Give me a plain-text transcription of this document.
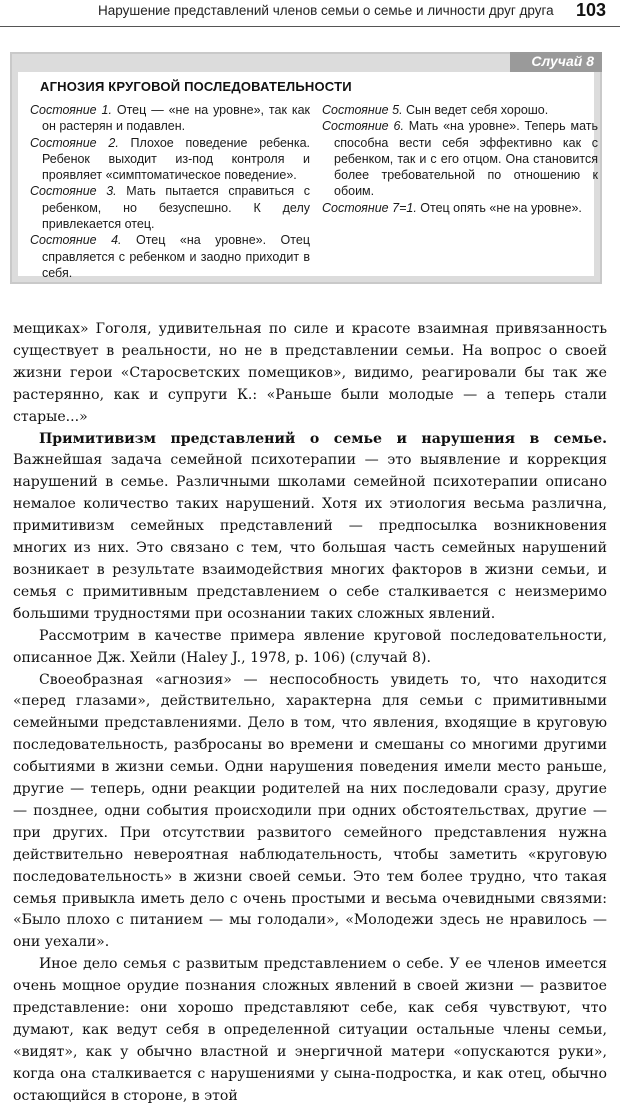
Нарушение представлений членов семьи о семье и личности друг друга 103
Случай 8
АГНОЗИЯ КРУГОВОЙ ПОСЛЕДОВАТЕЛЬНОСТИ

Состояние 1. Отец — «не на уровне», так как он растерян и подавлен.

Состояние 2. Плохое поведение ребенка. Ребенок выходит из-под контроля и проявляет «симптоматическое поведение».

Состояние 3. Мать пытается справиться с ребенком, но безуспешно. К делу привлекается отец.

Состояние 4. Отец «на уровне». Отец справляется с ребенком и заодно приходит в себя.

Состояние 5. Сын ведет себя хорошо.

Состояние 6. Мать «на уровне». Теперь мать способна вести себя эффективно как с ребенком, так и с его отцом. Она становится более требовательной по отношению к обоим.

Состояние 7=1. Отец опять «не на уровне».

мещиках» Гоголя, удивительная по силе и красоте взаимная привязанность существует в реальности, но не в представлении семьи. На вопрос о своей жизни герои «Старосветских помещиков», видимо, реагировали бы так же растерянно, как и супруги К.: «Раньше были молодые — а теперь стали старые...»

Примитивизм представлений о семье и нарушения в семье. Важнейшая задача семейной психотерапии — это выявление и коррекция нарушений в семье. Различными школами семейной психотерапии описано немалое количество таких нарушений. Хотя их этиология весьма различна, примитивизм семейных представлений — предпосылка возникновения многих из них. Это связано с тем, что большая часть семейных нарушений возникает в результате взаимодействия многих факторов в жизни семьи, и семья с примитивным представлением о себе сталкивается с неизмеримо большими трудностями при осознании таких сложных явлений.

Рассмотрим в качестве примера явление круговой последовательности, описанное Дж. Хейли (Haley J., 1978, p. 106) (случай 8).

Своеобразная «агнозия» — неспособность увидеть то, что находится «перед глазами», действительно, характерна для семьи с примитивными семейными представлениями. Дело в том, что явления, входящие в круговую последовательность, разбросаны во времени и смешаны со многими другими событиями в жизни семьи. Одни нарушения поведения имели место раньше, другие — теперь, одни реакции родителей на них последовали сразу, другие — позднее, одни события происходили при одних обстоятельствах, другие — при других. При отсутствии развитого семейного представления нужна действительно невероятная наблюдательность, чтобы заметить «круговую последовательность» в жизни своей семьи. Это тем более трудно, что такая семья привыкла иметь дело с очень простыми и весьма очевидными связями: «Было плохо с питанием — мы голодали», «Молодежи здесь не нравилось — они уехали».

Иное дело семья с развитым представлением о себе. У ее членов имеется очень мощное орудие познания сложных явлений в своей жизни — развитое представление: они хорошо представляют себе, как себя чувствуют, что думают, как ведут себя в определенной ситуации остальные члены семьи, «видят», как у обычно властной и энергичной матери «опускаются руки», когда она сталкивается с нарушениями у сына-подростка, и как отец, обычно остающийся в стороне, в этой
